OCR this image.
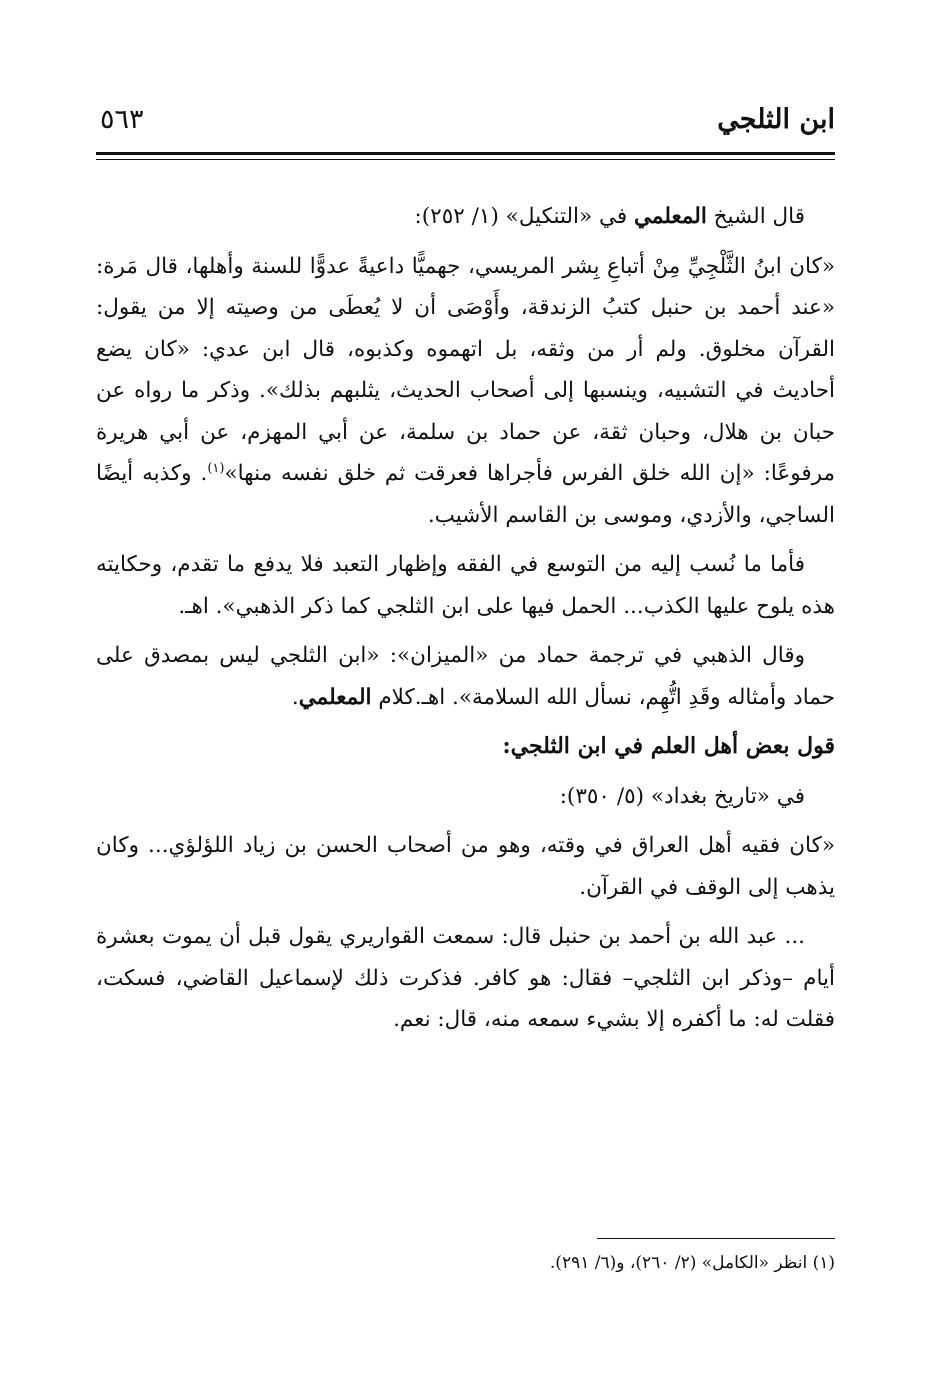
ابن الثلجي
٥٦٣

قال الشيخ المعلمي في «التنكيل» (١/ ٢٥٢):

«كان ابنُ الثَّلْجِيِّ مِنْ أتباعِ بِشر المريسي، جهميًّا داعيةً عدوًّا للسنة وأهلها، قال مَرة: «عند أحمد بن حنبل كتبُ الزندقة، وأَوْصَى أن لا يُعطَى من وصيته إلا من يقول: القرآن مخلوق. ولم أر من وثقه، بل اتهموه وكذبوه، قال ابن عدي: «كان يضع أحاديث في التشبيه، وينسبها إلى أصحاب الحديث، يثلبهم بذلك». وذكر ما رواه عن حبان بن هلال، وحبان ثقة، عن حماد بن سلمة، عن أبي المهزم، عن أبي هريرة مرفوعًا: «إن الله خلق الفرس فأجراها فعرقت ثم خلق نفسه منها»$^{(١)}$. وكذبه أيضًا الساجي، والأزدي، وموسى بن القاسم الأشيب.

فأما ما نُسب إليه من التوسع في الفقه وإظهار التعبد فلا يدفع ما تقدم، وحكايته هذه يلوح عليها الكذب... الحمل فيها على ابن الثلجي كما ذكر الذهبي». اهـ.

وقال الذهبي في ترجمة حماد من «الميزان»: «ابن الثلجي ليس بمصدق على حماد وأمثاله وقَدِ اتُّهِم، نسأل الله السلامة». اهـ.كلام المعلمي.

قول بعض أهل العلم في ابن الثلجي:

في «تاريخ بغداد» (٥/ ٣٥٠):

«كان فقيه أهل العراق في وقته، وهو من أصحاب الحسن بن زياد اللؤلؤي... وكان يذهب إلى الوقف في القرآن.

... عبد الله بن أحمد بن حنبل قال: سمعت القواريري يقول قبل أن يموت بعشرة أيام –وذكر ابن الثلجي– فقال: هو كافر. فذكرت ذلك لإسماعيل القاضي، فسكت، فقلت له: ما أكفره إلا بشيء سمعه منه، قال: نعم.

(١) انظر «الكامل» (٢/ ٢٦٠)، و(٦/ ٢٩١).
